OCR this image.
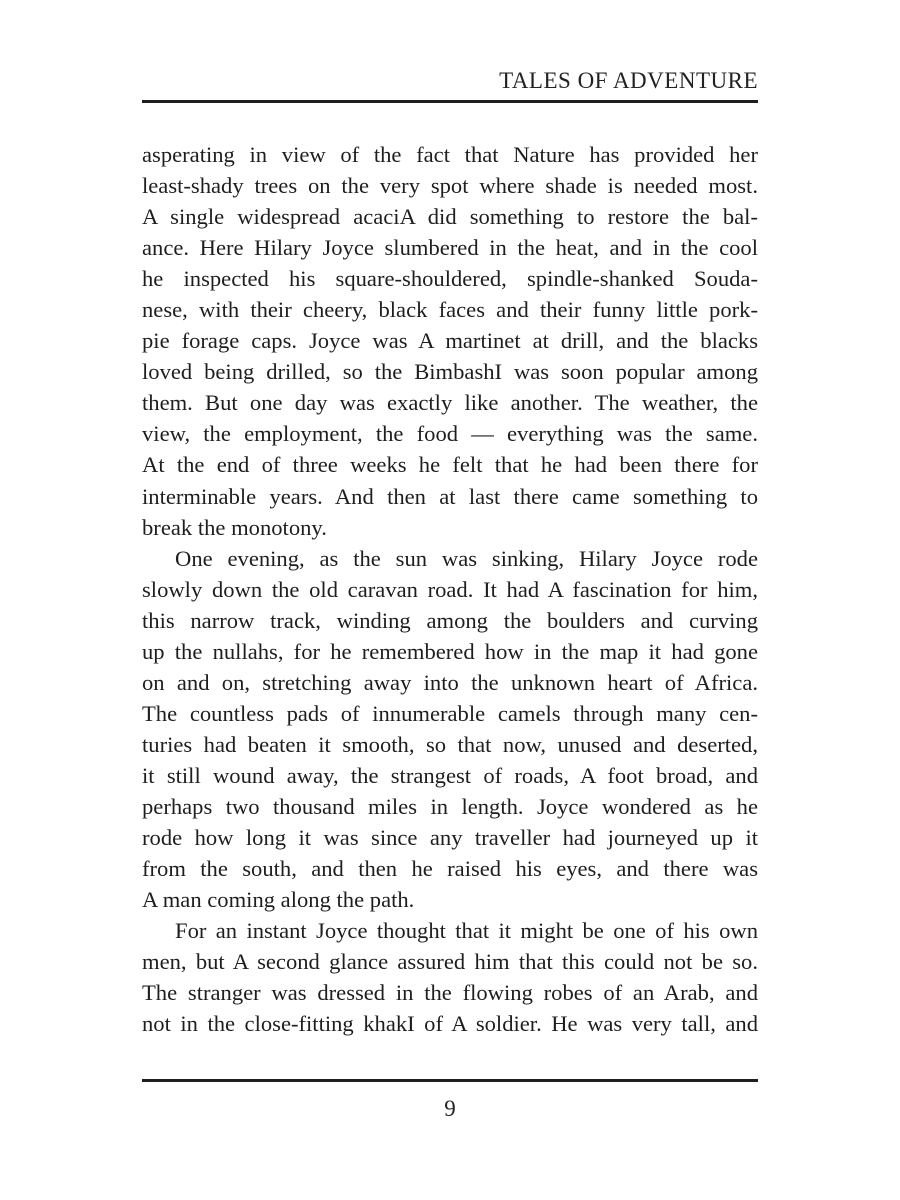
TALES OF ADVENTURE
asperating in view of the fact that Nature has provided her
least-shady trees on the very spot where shade is needed most.
A single widespread acaciA did something to restore the bal-
ance. Here Hilary Joyce slumbered in the heat, and in the cool
he inspected his square-shouldered, spindle-shanked Souda-
nese, with their cheery, black faces and their funny little pork-
pie forage caps. Joyce was A martinet at drill, and the blacks
loved being drilled, so the BimbashI was soon popular among
them. But one day was exactly like another. The weather, the
view, the employment, the food — everything was the same.
At the end of three weeks he felt that he had been there for
interminable years. And then at last there came something to
break the monotony.
One evening, as the sun was sinking, Hilary Joyce rode
slowly down the old caravan road. It had A fascination for him,
this narrow track, winding among the boulders and curving
up the nullahs, for he remembered how in the map it had gone
on and on, stretching away into the unknown heart of Africa.
The countless pads of innumerable camels through many cen-
turies had beaten it smooth, so that now, unused and deserted,
it still wound away, the strangest of roads, A foot broad, and
perhaps two thousand miles in length. Joyce wondered as he
rode how long it was since any traveller had journeyed up it
from the south, and then he raised his eyes, and there was
A man coming along the path.
For an instant Joyce thought that it might be one of his own
men, but A second glance assured him that this could not be so.
The stranger was dressed in the flowing robes of an Arab, and
not in the close-fitting khakI of A soldier. He was very tall, and
9
